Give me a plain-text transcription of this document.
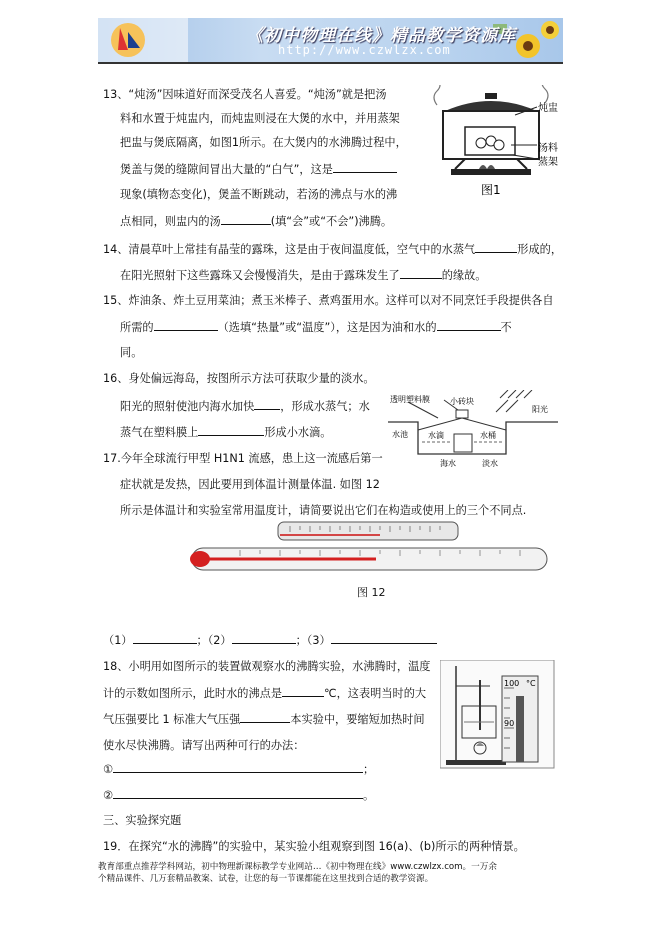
《初中物理在线》精品教学资源库
http://www.czwlzx.com
13、“炖汤”因味道好而深受茂名人喜爱。“炖汤”就是把汤
料和水置于炖盅内，而炖盅则浸在大煲的水中，并用蒸架
把盅与煲底隔离，如图1所示。在大煲内的水沸腾过程中，
煲盖与煲的缝隙间冒出大量的“白气”，这是
现象(填物态变化)，煲盖不断跳动，若汤的沸点与水的沸
点相同，则盅内的汤	(填“会”或“不会”)沸腾。
炖盅
汤料
蒸架
图1
14、清晨草叶上常挂有晶莹的露珠，这是由于夜间温度低，空气中的水蒸气	形成的，
在阳光照射下这些露珠又会慢慢消失，是由于露珠发生了	的缘故。
15、炸油条、炸土豆用菜油；煮玉米棒子、煮鸡蛋用水。这样可以对不同烹饪手段提供各自
所需的	（选填“热量”或“温度”），这是因为油和水的	不
同。
16、身处偏远海岛，按图所示方法可获取少量的淡水。
阳光的照射使池内海水加快 ，形成水蒸气；水
蒸气在塑料膜上	形成小水滴。
透明塑料膜	小砖块
阳光
水池	水滴	水桶
海水	淡水
17.今年全球流行甲型 H1N1 流感，患上这一流感后第一
症状就是发热，因此要用到体温计测量体温. 如图 12
所示是体温计和实验室常用温度计，请简要说出它们在构造或使用上的三个不同点.
图 12
（1）	；（2）	；（3）
18、小明用如图所示的装置做观察水的沸腾实验，水沸腾时，温度
计的示数如图所示，此时水的沸点是	℃，这表明当时的大
气压强要比 1 标准大气压强	本实验中，要缩短加热时间
使水尽快沸腾。请写出两种可行的办法：
①	；
②	。
100
90
°C
三、实验探究题
19．在探究“水的沸腾”的实验中，某实验小组观察到图 16(a)、(b)所示的两种情景。
教育部重点推荐学科网站，初中物理新课标教学专业网站…《初中物理在线》www.czwlzx.com。一万余
个精品课件、几万套精品教案、试卷，让您的每一节课都能在这里找到合适的教学资源。
